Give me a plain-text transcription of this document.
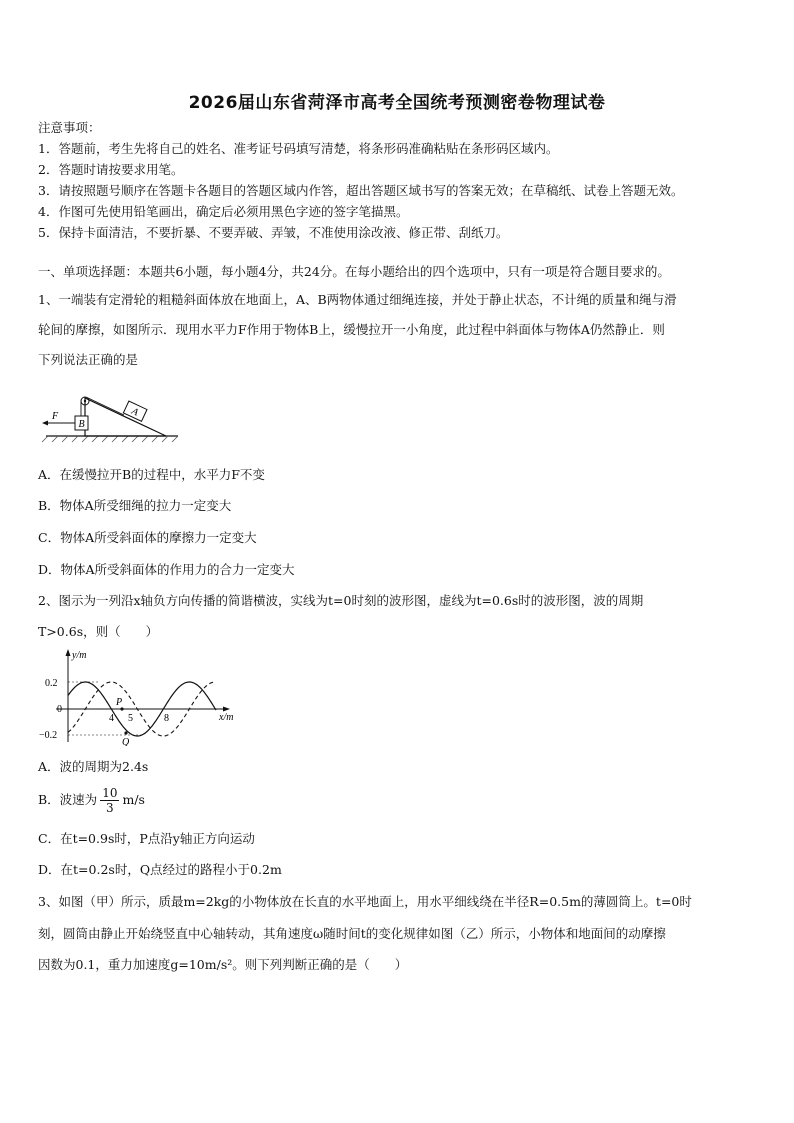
2026届山东省菏泽市高考全国统考预测密卷物理试卷
注意事项：
1．答题前，考生先将自己的姓名、准考证号码填写清楚，将条形码准确粘贴在条形码区域内。
2．答题时请按要求用笔。
3．请按照题号顺序在答题卡各题目的答题区域内作答，超出答题区域书写的答案无效；在草稿纸、试卷上答题无效。
4．作图可先使用铅笔画出，确定后必须用黑色字迹的签字笔描黑。
5．保持卡面清洁，不要折暴、不要弄破、弄皱，不准使用涂改液、修正带、刮纸刀。
一、单项选择题：本题共6小题，每小题4分，共24分。在每小题给出的四个选项中，只有一项是符合题目要求的。
1、一端装有定滑轮的粗糙斜面体放在地面上，A、B两物体通过细绳连接，并处于静止状态，不计绳的质量和绳与滑
轮间的摩擦，如图所示．现用水平力F作用于物体B上，缓慢拉开一小角度，此过程中斜面体与物体A仍然静止．则
下列说法正确的是
A
B
F
A．在缓慢拉开B的过程中，水平力F不变
B．物体A所受细绳的拉力一定变大
C．物体A所受斜面体的摩擦力一定变大
D．物体A所受斜面体的作用力的合力一定变大
2、图示为一列沿x轴负方向传播的简谐横波，实线为t=0时刻的波形图，虚线为t=0.6s时的波形图，波的周期
T>0.6s，则（　　）
y/m
x/m
0.2
0
−0.2
P
Q
4 5	8
A．波的周期为2.4s
B．波速为 $\frac{10}{3} m/s$
C．在t=0.9s时，P点沿y轴正方向运动
D．在t=0.2s时，Q点经过的路程小于0.2m
3、如图（甲）所示，质最m=2kg的小物体放在长直的水平地面上，用水平细线绕在半径R=0.5m的薄圆筒上。t=0时
刻，圆筒由静止开始绕竖直中心轴转动，其角速度ω随时间t的变化规律如图（乙）所示，小物体和地面间的动摩擦
因数为0.1，重力加速度g=10m/s²。则下列判断正确的是（　　）
